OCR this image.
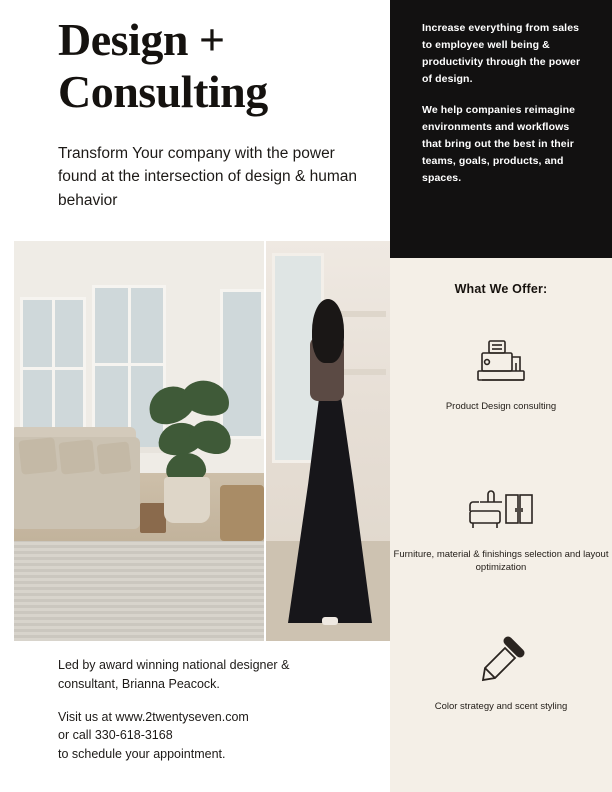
Design +
Consulting
Transform Your company with the power found at the intersection of design & human behavior

Led by award winning national designer &
consultant, Brianna Peacock.

Visit us at www.2twentyseven.com
or call 330-618-3168
to schedule your appointment.

Increase everything from sales to employee well being & productivity through the power of design.

We help companies reimagine environments and workflows that bring out the best in their teams, goals, products, and spaces.

What We Offer:
Product Design consulting
Furniture, material & finishings selection and layout optimization
Color strategy and scent styling
